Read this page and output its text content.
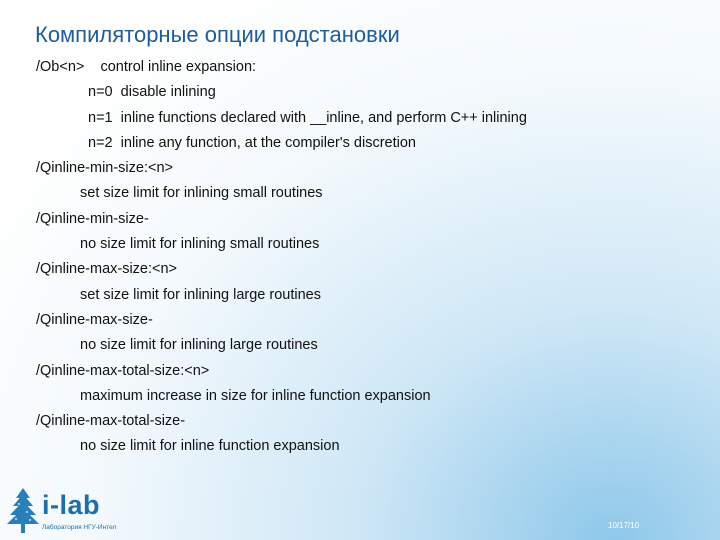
Компиляторные опции подстановки
/Ob<n>    control inline expansion:
n=0  disable inlining
n=1  inline functions declared with __inline, and perform C++ inlining
n=2  inline any function, at the compiler's discretion
/Qinline-min-size:<n>
set size limit for inlining small routines
/Qinline-min-size-
no size limit for inlining small routines
/Qinline-max-size:<n>
set size limit for inlining large routines
/Qinline-max-size-
no size limit for inlining large routines
/Qinline-max-total-size:<n>
maximum increase in size for inline function expansion
/Qinline-max-total-size-
no size limit for inline function expansion
i-lab
Лаборатория НГУ-Интел	10/17/10
